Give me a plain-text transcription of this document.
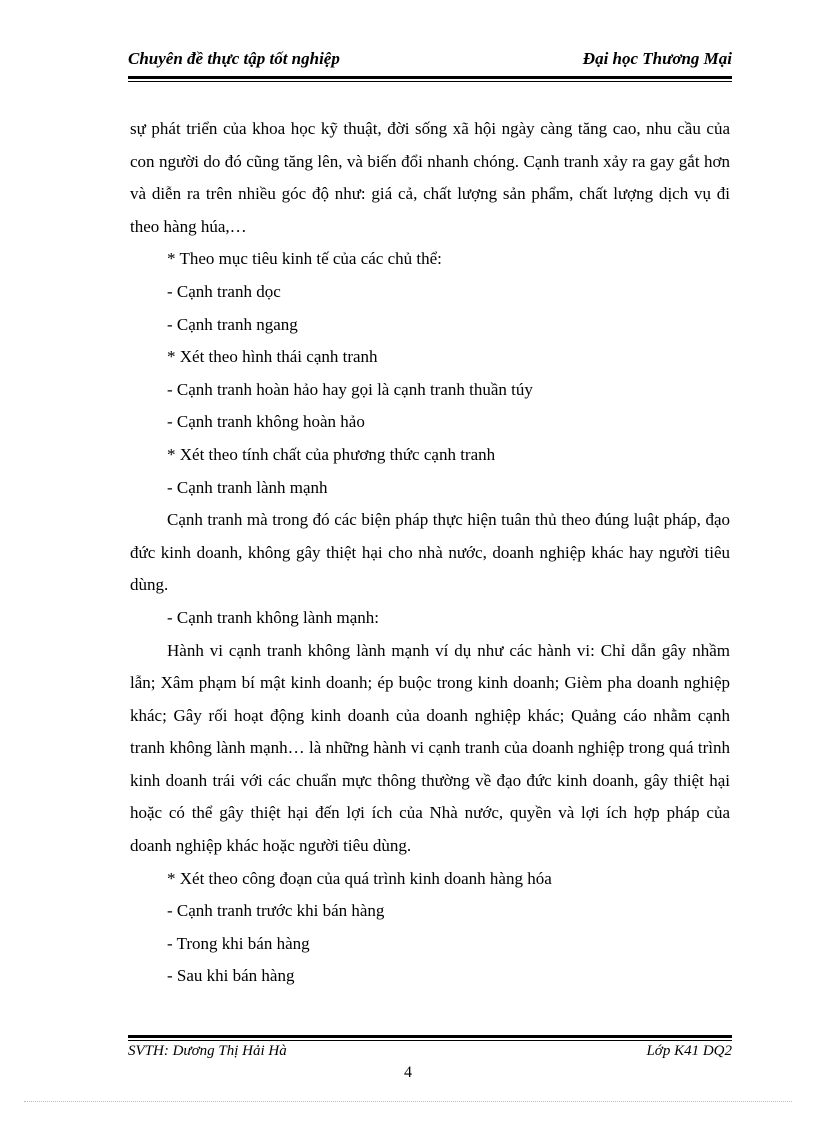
Chuyên đề thực tập tốt nghiệp	Đại học Thương Mại

sự phát triển của khoa học kỹ thuật, đời sống xã hội ngày càng tăng cao, nhu cầu của con người do đó cũng tăng lên, và biến đổi nhanh chóng. Cạnh tranh xảy ra gay gắt hơn và diễn ra trên nhiều góc độ như: giá cả, chất lượng sản phẩm, chất lượng dịch vụ đi theo hàng húa,…

* Theo mục tiêu kinh tế của các chủ thể:

- Cạnh tranh dọc

- Cạnh tranh ngang

* Xét theo hình thái cạnh tranh

- Cạnh tranh hoàn hảo hay gọi là cạnh tranh thuần túy

- Cạnh tranh không hoàn hảo

* Xét theo tính chất của phương thức cạnh tranh

- Cạnh tranh lành mạnh

Cạnh tranh mà trong đó các biện pháp thực hiện tuân thủ theo đúng luật pháp, đạo đức kinh doanh, không gây thiệt hại cho nhà nước, doanh nghiệp khác hay người tiêu dùng.

- Cạnh tranh không lành mạnh:

Hành vi cạnh tranh không lành mạnh ví dụ như các hành vi: Chỉ dẫn gây nhầm lẫn; Xâm phạm bí mật kinh doanh; ép buộc trong kinh doanh; Gièm pha doanh nghiệp khác; Gây rối hoạt động kinh doanh của doanh nghiệp khác; Quảng cáo nhằm cạnh tranh không lành mạnh… là những hành vi cạnh tranh của doanh nghiệp trong quá trình kinh doanh trái với các chuẩn mực thông thường về đạo đức kinh doanh, gây thiệt hại hoặc có thể gây thiệt hại đến lợi ích của Nhà nước, quyền và lợi ích hợp pháp của doanh nghiệp khác hoặc người tiêu dùng.

* Xét theo công đoạn của quá trình kinh doanh hàng hóa

- Cạnh tranh trước khi bán hàng

- Trong khi bán hàng

- Sau khi bán hàng

SVTH: Dương Thị Hải Hà	Lớp K41 DQ2
4
